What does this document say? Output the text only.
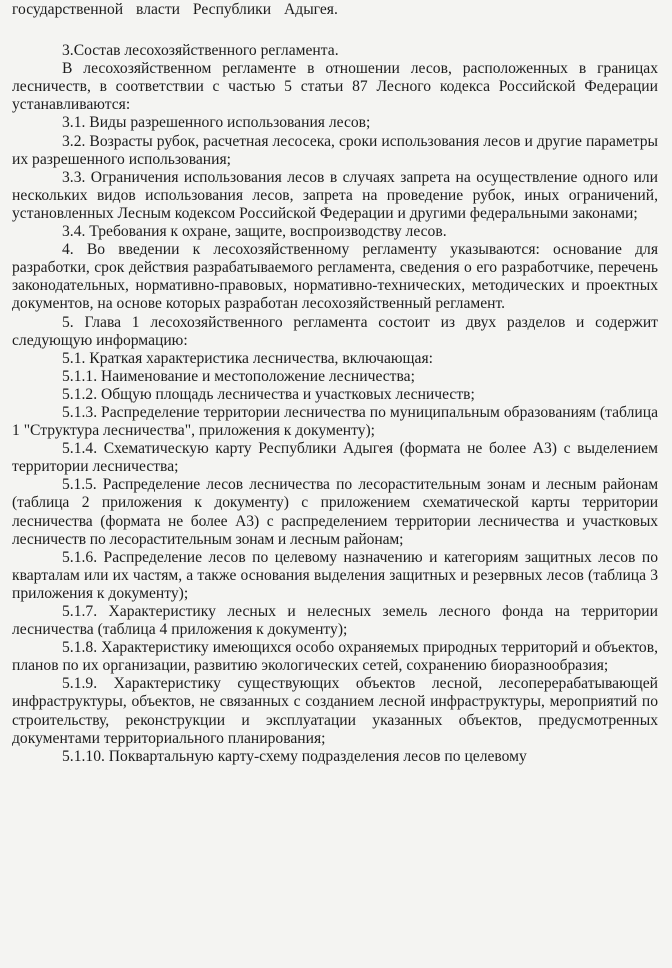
государственной власти Республики Адыгея.

3.Состав лесохозяйственного регламента.

В лесохозяйственном регламенте в отношении лесов, расположенных в границах лесничеств, в соответствии с частью 5 статьи 87 Лесного кодекса Российской Федерации устанавливаются:

3.1. Виды разрешенного использования лесов;

3.2. Возрасты рубок, расчетная лесосека, сроки использования лесов и другие параметры их разрешенного использования;

3.3. Ограничения использования лесов в случаях запрета на осуществление одного или нескольких видов использования лесов, запрета на проведение рубок, иных ограничений, установленных Лесным кодексом Российской Федерации и другими федеральными законами;

3.4. Требования к охране, защите, воспроизводству лесов.

4. Во введении к лесохозяйственному регламенту указываются: основание для разработки, срок действия разрабатываемого регламента, сведения о его разработчике, перечень законодательных, нормативно-правовых, нормативно-технических, методических и проектных документов, на основе которых разработан лесохозяйственный регламент.

5. Глава 1 лесохозяйственного регламента состоит из двух разделов и содержит следующую информацию:

5.1. Краткая характеристика лесничества, включающая:

5.1.1. Наименование и местоположение лесничества;

5.1.2. Общую площадь лесничества и участковых лесничеств;

5.1.3. Распределение территории лесничества по муниципальным образованиям (таблица 1 "Структура лесничества", приложения к документу);

5.1.4. Схематическую карту Республики Адыгея (формата не более А3) с выделением территории лесничества;

5.1.5. Распределение лесов лесничества по лесорастительным зонам и лесным районам (таблица 2 приложения к документу) с приложением схематической карты территории лесничества (формата не более А3) с распределением территории лесничества и участковых лесничеств по лесорастительным зонам и лесным районам;

5.1.6. Распределение лесов по целевому назначению и категориям защитных лесов по кварталам или их частям, а также основания выделения защитных и резервных лесов (таблица 3 приложения к документу);

5.1.7. Характеристику лесных и нелесных земель лесного фонда на территории лесничества (таблица 4 приложения к документу);

5.1.8. Характеристику имеющихся особо охраняемых природных территорий и объектов, планов по их организации, развитию экологических сетей, сохранению биоразнообразия;

5.1.9. Характеристику существующих объектов лесной, лесоперерабатывающей инфраструктуры, объектов, не связанных с созданием лесной инфраструктуры, мероприятий по строительству, реконструкции и эксплуатации указанных объектов, предусмотренных документами территориального планирования;

5.1.10. Поквартальную карту-схему подразделения лесов по целевому
